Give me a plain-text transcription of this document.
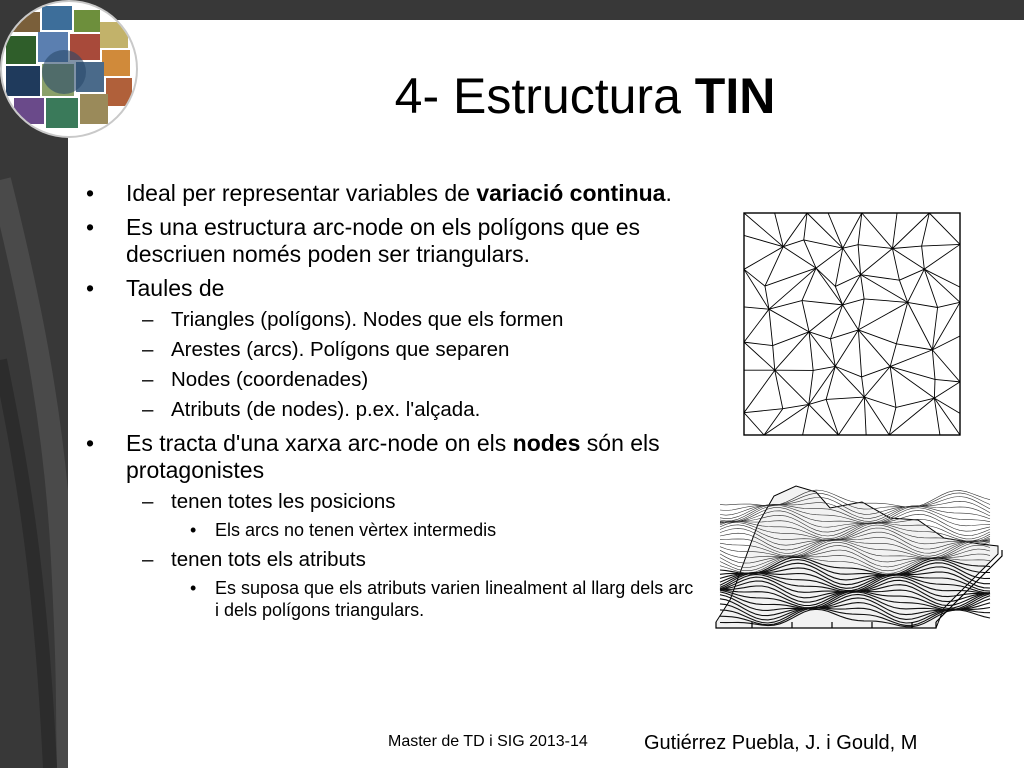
4- Estructura TIN
• Ideal per representar variables de variació continua.
• Es una estructura arc-node on els polígons que es descriuen només poden ser triangulars.
• Taules de
– Triangles (polígons). Nodes que els formen
– Arestes (arcs). Polígons que separen
– Nodes (coordenades)
– Atributs (de nodes). p.ex. l'alçada.
• Es tracta d'una xarxa arc-node on els nodes són els protagonistes
– tenen totes les posicions
• Els arcs no tenen vèrtex intermedis
– tenen tots els atributs
• Es suposa que els atributs varien linealment al llarg dels arc i dels polígons triangulars.
Master de TD i SIG 2013-14	Gutiérrez Puebla, J. i Gould, M
